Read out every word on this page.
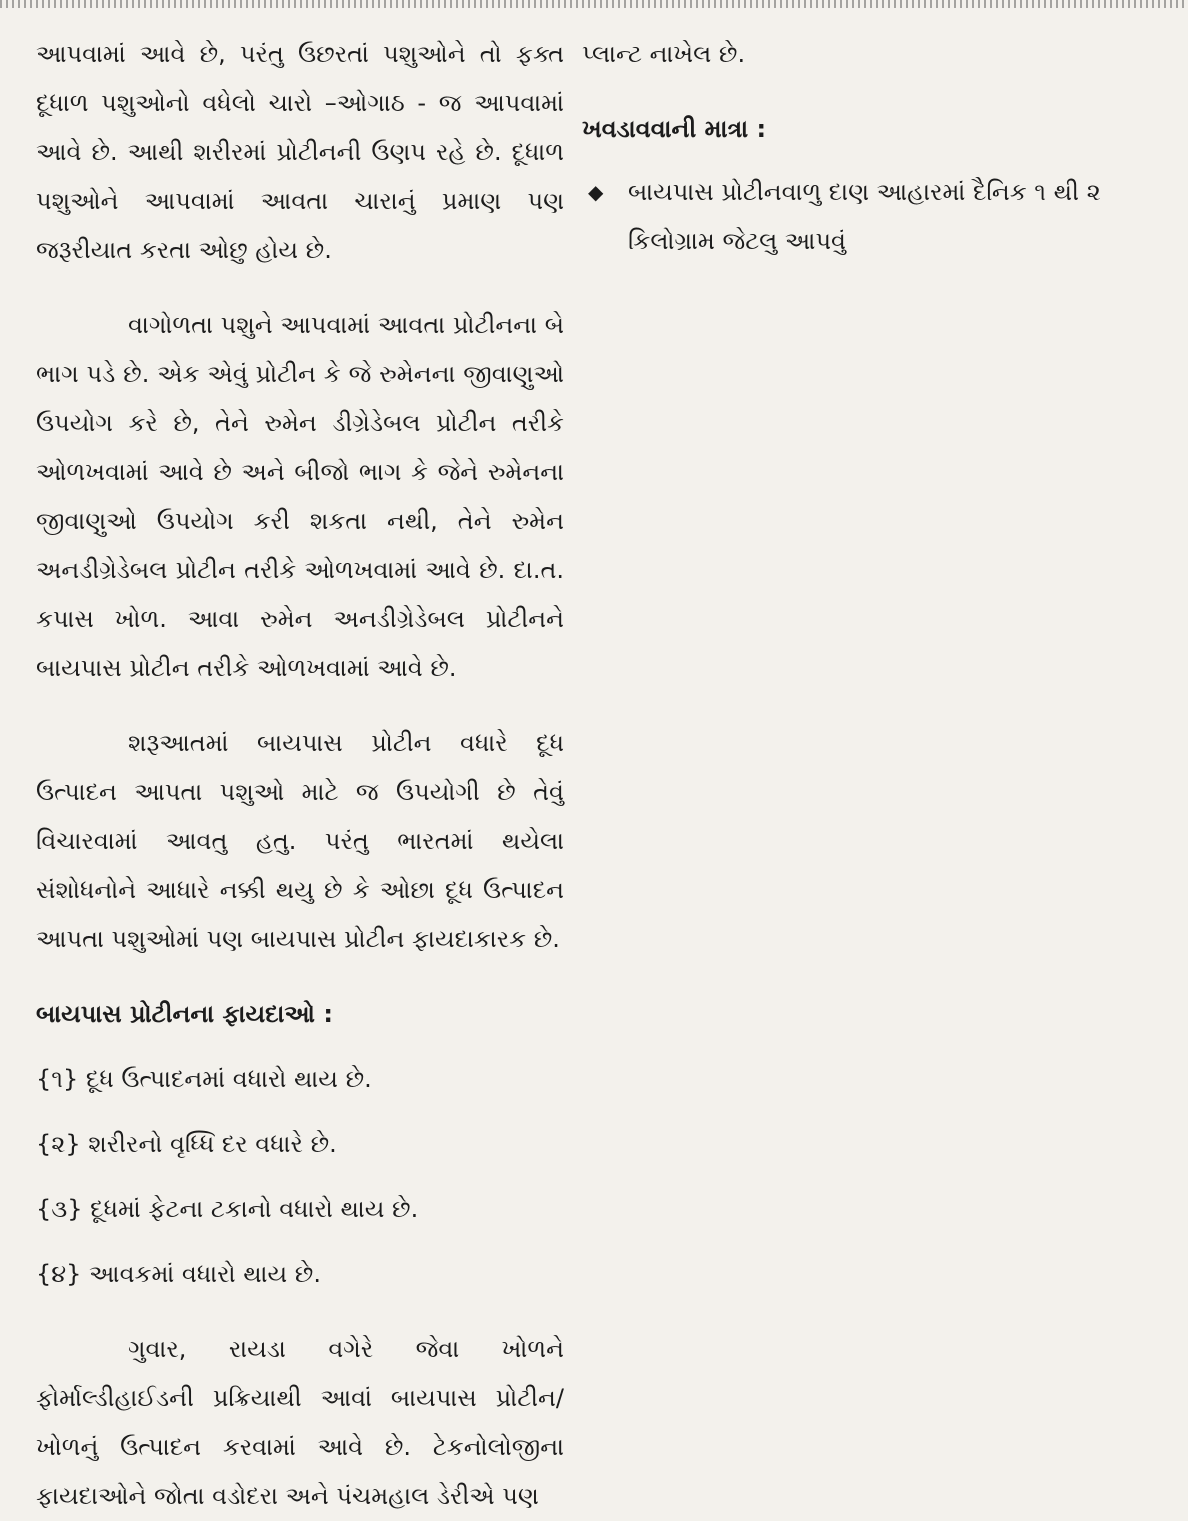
આપવામાં આવે છે, પરંતુ ઉછરતાં પશુઓને તો ફક્ત દૂધાળ પશુઓનો વધેલો ચારો –ઓગાઠ - જ આપવામાં આવે છે. આથી શરીરમાં પ્રોટીનની ઉણપ રહે છે. દૂધાળ પશુઓને આપવામાં આવતા ચારાનું પ્રમાણ પણ જરૂરીયાત કરતા ઓછુ હોય છે.

વાગોળતા પશુને આપવામાં આવતા પ્રોટીનના બે ભાગ પડે છે. એક એવું પ્રોટીન કે જે રુમેનના જીવાણુઓ ઉપયોગ કરે છે, તેને રુમેન ડીગ્રેડેબલ પ્રોટીન તરીકે ઓળખવામાં આવે છે અને બીજો ભાગ કે જેને રુમેનના જીવાણુઓ ઉપયોગ કરી શકતા નથી, તેને રુમેન અનડીગ્રેડેબલ પ્રોટીન તરીકે ઓળખવામાં આવે છે. દા.ત. કપાસ ખોળ. આવા રુમેન અનડીગ્રેડેબલ પ્રોટીનને બાયપાસ પ્રોટીન તરીકે ઓળખવામાં આવે છે.

શરૂઆતમાં બાયપાસ પ્રોટીન વધારે દૂધ ઉત્પાદન આપતા પશુઓ માટે જ ઉપયોગી છે તેવું વિચારવામાં આવતુ હતુ. પરંતુ ભારતમાં થયેલા સંશોધનોને આધારે નક્કી થયુ છે કે ઓછા દૂધ ઉત્પાદન આપતા પશુઓમાં પણ બાયપાસ પ્રોટીન ફાયદાકારક છે.

બાયપાસ પ્રોટીનના ફાયદાઓ :

{૧} દૂધ ઉત્પાદનમાં વધારો થાય છે.

{૨} શરીરનો વૃધ્ધિ દર વધારે છે.

{૩} દૂધમાં ફેટના ટકાનો વધારો થાય છે.

{૪} આવકમાં વધારો થાય છે.

ગુવાર, રાયડા વગેરે જેવા ખોળને ફોર્માલ્ડીહાઈડની પ્રક્રિયાથી આવાં બાયપાસ પ્રોટીન/ખોળનું ઉત્પાદન કરવામાં આવે છે. ટેકનોલોજીના ફાયદાઓને જોતા વડોદરા અને પંચમહાલ ડેરીએ પણ

પ્લાન્ટ નાખેલ છે.

ખવડાવવાની માત્રા :

◆	બાયપાસ પ્રોટીનવાળુ દાણ આહારમાં દૈનિક ૧ થી ૨ કિલોગ્રામ જેટલુ આપવું
